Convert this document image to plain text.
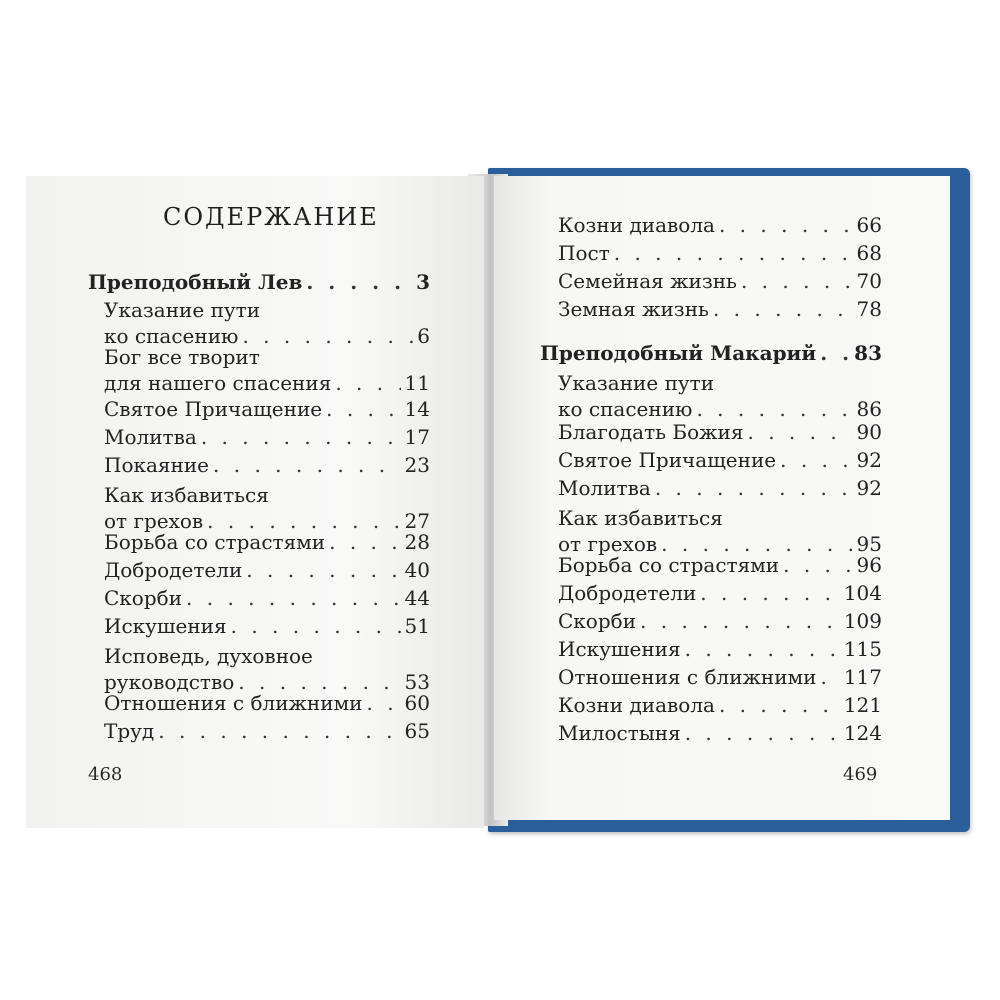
СОДЕРЖАНИЕ
Преподобный Лев . . .	3
Указание пути
ко спасению . . .	6
Бог все творит
для нашего спасения . . .	11
Святое Причащение . . .	14
Молитва . . .	17
Покаяние . . .	23
Как избавиться
от грехов . . .	27
Борьба со страстями . . .	28
Добродетели . . .	40
Скорби . . .	44
Искушения . . .	51
Исповедь, духовное
руководство . . .	53
Отношения с ближними . . . 60
Труд . . .	65
468
Козни диавола . . .	66
Пост . . .	68
Семейная жизнь . . .	70
Земная жизнь . . .	78
Преподобный Макарий . . . 83
Указание пути
ко спасению . . .	86
Благодать Божия . . .	90
Святое Причащение . . .	92
Молитва . . .	92
Как избавиться
от грехов . . .	95
Борьба со страстями . . .	96
Добродетели . . .	104
Скорби . . .	109
Искушения . . .	115
Отношения с ближними . . . 117
Козни диавола . . .	121
Милостыня . . .	124
469
